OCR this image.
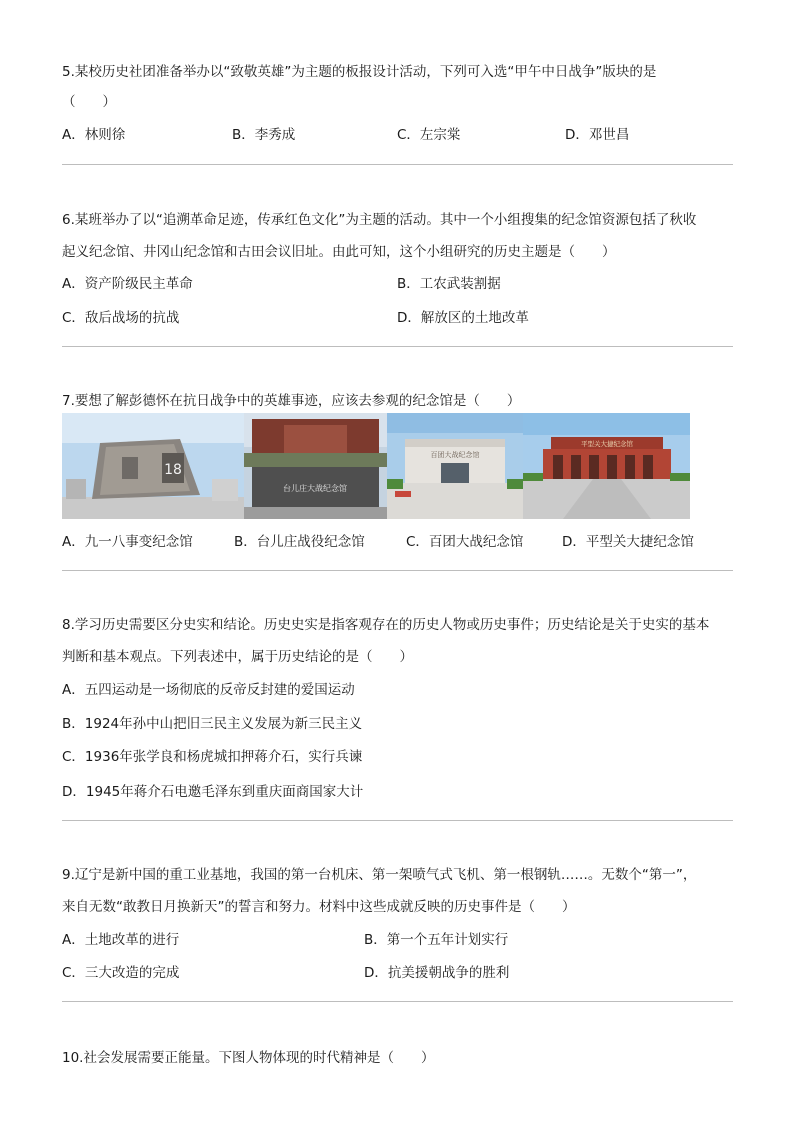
5.某校历史社团准备举办以“致敬英雄”为主题的板报设计活动，下列可入选“甲午中日战争”版块的是
（　　）
A．林则徐	B．李秀成	C．左宗棠	D．邓世昌
6.某班举办了以“追溯革命足迹，传承红色文化”为主题的活动。其中一个小组搜集的纪念馆资源包括了秋收
起义纪念馆、井冈山纪念馆和古田会议旧址。由此可知，这个小组研究的历史主题是（　　）
A．资产阶级民主革命	B．工农武装割据
C．敌后战场的抗战	D．解放区的土地改革
7.要想了解彭德怀在抗日战争中的英雄事迹，应该去参观的纪念馆是（　　）
18
台儿庄大战纪念馆
百团大战纪念馆
平型关大捷纪念馆
A．九一八事变纪念馆	B．台儿庄战役纪念馆	C．百团大战纪念馆	D．平型关大捷纪念馆
8.学习历史需要区分史实和结论。历史史实是指客观存在的历史人物或历史事件；历史结论是关于史实的基本
判断和基本观点。下列表述中，属于历史结论的是（　　）
A．五四运动是一场彻底的反帝反封建的爱国运动
B．1924年孙中山把旧三民主义发展为新三民主义
C．1936年张学良和杨虎城扣押蒋介石，实行兵谏
D．1945年蒋介石电邀毛泽东到重庆面商国家大计
9.辽宁是新中国的重工业基地，我国的第一台机床、第一架喷气式飞机、第一根钢轨……。无数个“第一”，
来自无数“敢教日月换新天”的誓言和努力。材料中这些成就反映的历史事件是（　　）
A．土地改革的进行	B．第一个五年计划实行
C．三大改造的完成	D．抗美援朝战争的胜利
10.社会发展需要正能量。下图人物体现的时代精神是（　　）
